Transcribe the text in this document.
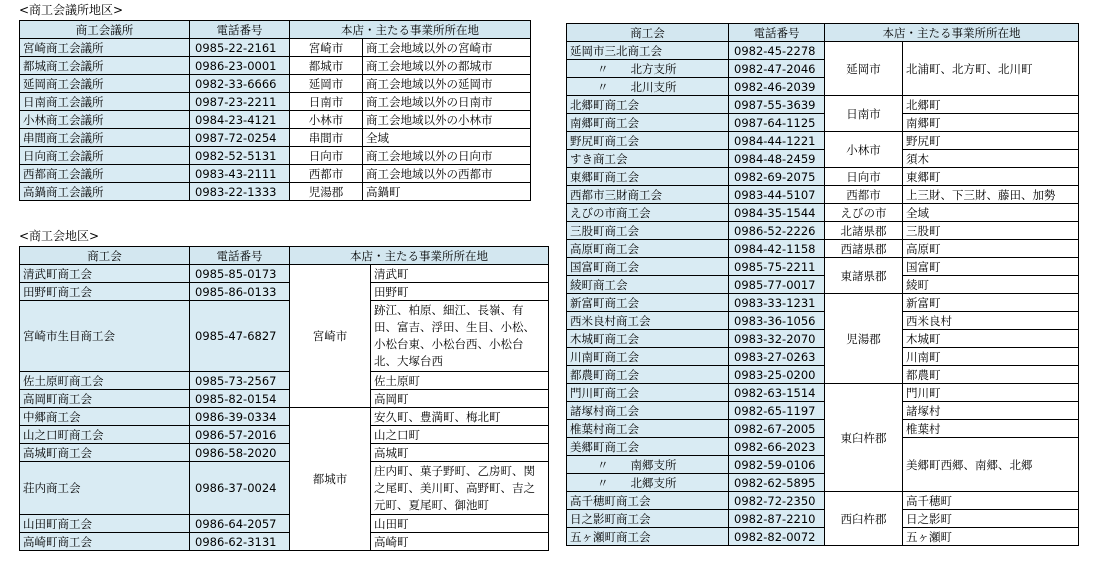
<商工会議所地区>
商工会議所	電話番号	本店・主たる事業所所在地	
宮崎商工会議所	0985-22-2161	宮崎市	商工会地域以外の宮崎市
都城商工会議所	0986-23-0001	都城市	商工会地域以外の都城市
延岡商工会議所	0982-33-6666	延岡市	商工会地域以外の延岡市
日南商工会議所	0987-23-2211	日南市	商工会地域以外の日南市
小林商工会議所	0984-23-4121	小林市	商工会地域以外の小林市
串間商工会議所	0987-72-0254	串間市	全域
日向商工会議所	0982-52-5131	日向市	商工会地域以外の日向市
西都商工会議所	0983-43-2111	西都市	商工会地域以外の西都市
高鍋商工会議所	0983-22-1333	児湯郡	高鍋町
<商工会地区>
商工会	電話番号	本店・主たる事業所所在地	
清武町商工会	0985-85-0173	宮崎市	清武町
田野町商工会	0985-86-0133		田野町
宮崎市生目商工会	0985-47-6827		跡江、柏原、細江、長嶺、有田、富吉、浮田、生目、小松、小松台東、小松台西、小松台北、大塚台西
佐土原町商工会	0985-73-2567		佐土原町
高岡町商工会	0985-82-0154		高岡町
中郷商工会	0986-39-0334	都城市	安久町、豊満町、梅北町
山之口町商工会	0986-57-2016		山之口町
高城町商工会	0986-58-2020		高城町
荘内商工会	0986-37-0024		庄内町、菓子野町、乙房町、関之尾町、美川町、高野町、吉之元町、夏尾町、御池町
山田町商工会	0986-64-2057		山田町
高崎町商工会	0986-62-3131		高崎町
商工会	電話番号	本店・主たる事業所所在地	
延岡市三北商工会	0982-45-2278	延岡市	北浦町、北方町、北川町
〃 北方支所	0982-47-2046		
〃 北川支所	0982-46-2039		
北郷町商工会	0987-55-3639	日南市	北郷町
南郷町商工会	0987-64-1125		南郷町
野尻町商工会	0984-44-1221	小林市	野尻町
すき商工会	0984-48-2459		須木
東郷町商工会	0982-69-2075	日向市	東郷町
西都市三財商工会	0983-44-5107	西都市	上三財、下三財、藤田、加勢
えびの市商工会	0984-35-1544	えびの市	全域
三股町商工会	0986-52-2226	北諸県郡	三股町
高原町商工会	0984-42-1158	西諸県郡	高原町
国富町商工会	0985-75-2211	東諸県郡	国富町
綾町商工会	0985-77-0017		綾町
新富町商工会	0983-33-1231	児湯郡	新富町
西米良村商工会	0983-36-1056		西米良村
木城町商工会	0983-32-2070		木城町
川南町商工会	0983-27-0263		川南町
都農町商工会	0983-25-0200		都農町
門川町商工会	0982-63-1514	東臼杵郡	門川町
諸塚村商工会	0982-65-1197		諸塚村
椎葉村商工会	0982-67-2005		椎葉村
美郷町商工会	0982-66-2023		美郷町西郷、南郷、北郷
〃 南郷支所	0982-59-0106		
〃 北郷支所	0982-62-5895		
高千穂町商工会	0982-72-2350	西臼杵郡	高千穂町
日之影町商工会	0982-87-2210		日之影町
五ヶ瀬町商工会	0982-82-0072		五ヶ瀬町
